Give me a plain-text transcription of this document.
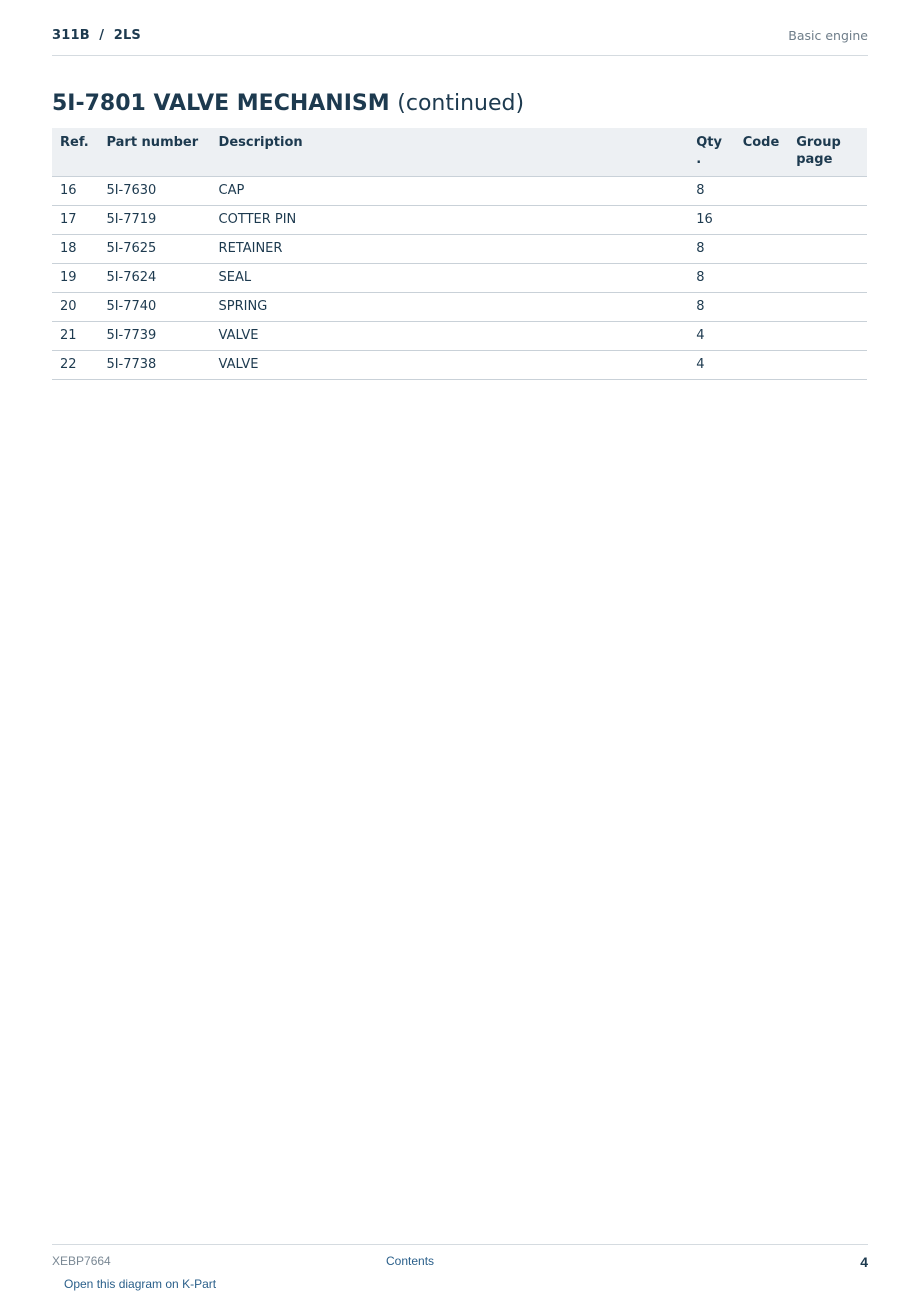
311B  /  2LS	Basic engine
5I-7801 VALVE MECHANISM (continued)
Ref.	Part number	Description	Qty .	Code	Group page
16	5I-7630	CAP	8		
17	5I-7719	COTTER PIN	16		
18	5I-7625	RETAINER	8		
19	5I-7624	SEAL	8		
20	5I-7740	SPRING	8		
21	5I-7739	VALVE	4		
22	5I-7738	VALVE	4		
XEBP7664	Contents	4
Open this diagram on K-Part
